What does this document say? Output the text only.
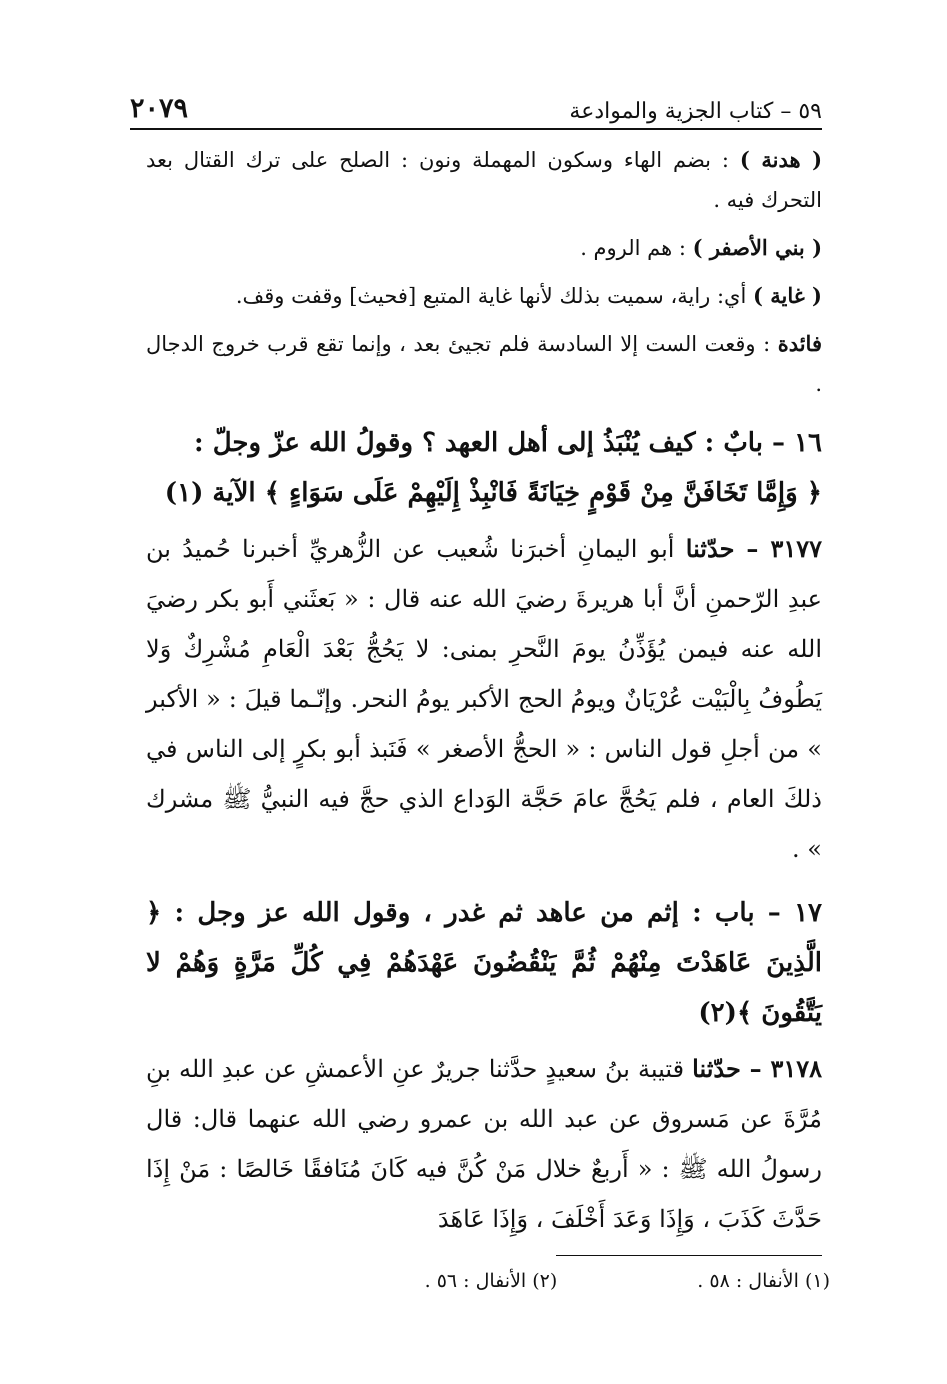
٥٩ – كتاب الجزية والموادعة
٢٠٧٩

( هدنة ) : بضم الهاء وسكون المهملة ونون : الصلح على ترك القتال بعد التحرك فيه .

( بني الأصفر ) : هم الروم .

( غاية ) أي: راية، سميت بذلك لأنها غاية المتبع [فحيث] وقفت وقف.

فائدة : وقعت الست إلا السادسة فلم تجيئ بعد ، وإنما تقع قرب خروج الدجال .

١٦ – بابٌ : كيف يُنْبَذُ إلى أهل العهد ؟ وقولُ الله عزّ وجلّ :
﴿ وَإِمَّا تَخَافَنَّ مِنْ قَوْمٍ خِيَانَةً فَانْبِذْ إِلَيْهِمْ عَلَى سَوَاءٍ ﴾ الآية (١)

٣١٧٧ – حدّثنا أبو اليمانِ أخبرَنا شُعيب عن الزُّهريِّ أخبرنا حُميدُ بن عبدِ الرّحمنِ أنَّ أبا هريرةَ رضيَ الله عنه قال : « بَعثَني أَبو بكر رضيَ الله عنه فيمن يُؤَذِّنُ يومَ النَّحرِ بمنى: لا يَحُجُّ بَعْدَ الْعَامِ مُشْرِكٌ وَلا يَطُوفُ بِالْبَيْت عُرْيَانٌ ويومُ الحج الأكبر يومُ النحر. وإنّـما قيلَ : « الأكبر » من أجلِ قول الناس : « الحجُّ الأصغر » فَنَبذ أبو بكرٍ إلى الناس في ذلكَ العام ، فلم يَحُجَّ عامَ حَجَّة الوَداع الذي حجَّ فيه النبيُّ ﷺ مشرك » .

١٧ – باب : إثم من عاهد ثم غدر ، وقول الله عز وجل : ﴿ الَّذِينَ عَاهَدْتَ مِنْهُمْ ثُمَّ يَنْقُضُونَ عَهْدَهُمْ فِي كُلِّ مَرَّةٍ وَهُمْ لا يَتَّقُونَ ﴾(٢)

٣١٧٨ – حدّثنا قتيبة بنُ سعيدٍ حدَّثنا جريرٌ عنِ الأعمشِ عن عبدِ الله بنِ مُرَّةَ عن مَسروق عن عبد الله بن عمرو رضي الله عنهما قال: قال رسولُ الله ﷺ : « أَربعٌ خلال مَنْ كُنَّ فيه كَانَ مُنَافقًا خَالصًا : مَنْ إِذَا حَدَّثَ كَذَبَ ، وَإِذَا وَعَدَ أَخْلَفَ ، وَإِذَا عَاهَدَ

(١) الأنفال : ٥٨ .
(٢) الأنفال : ٥٦ .
